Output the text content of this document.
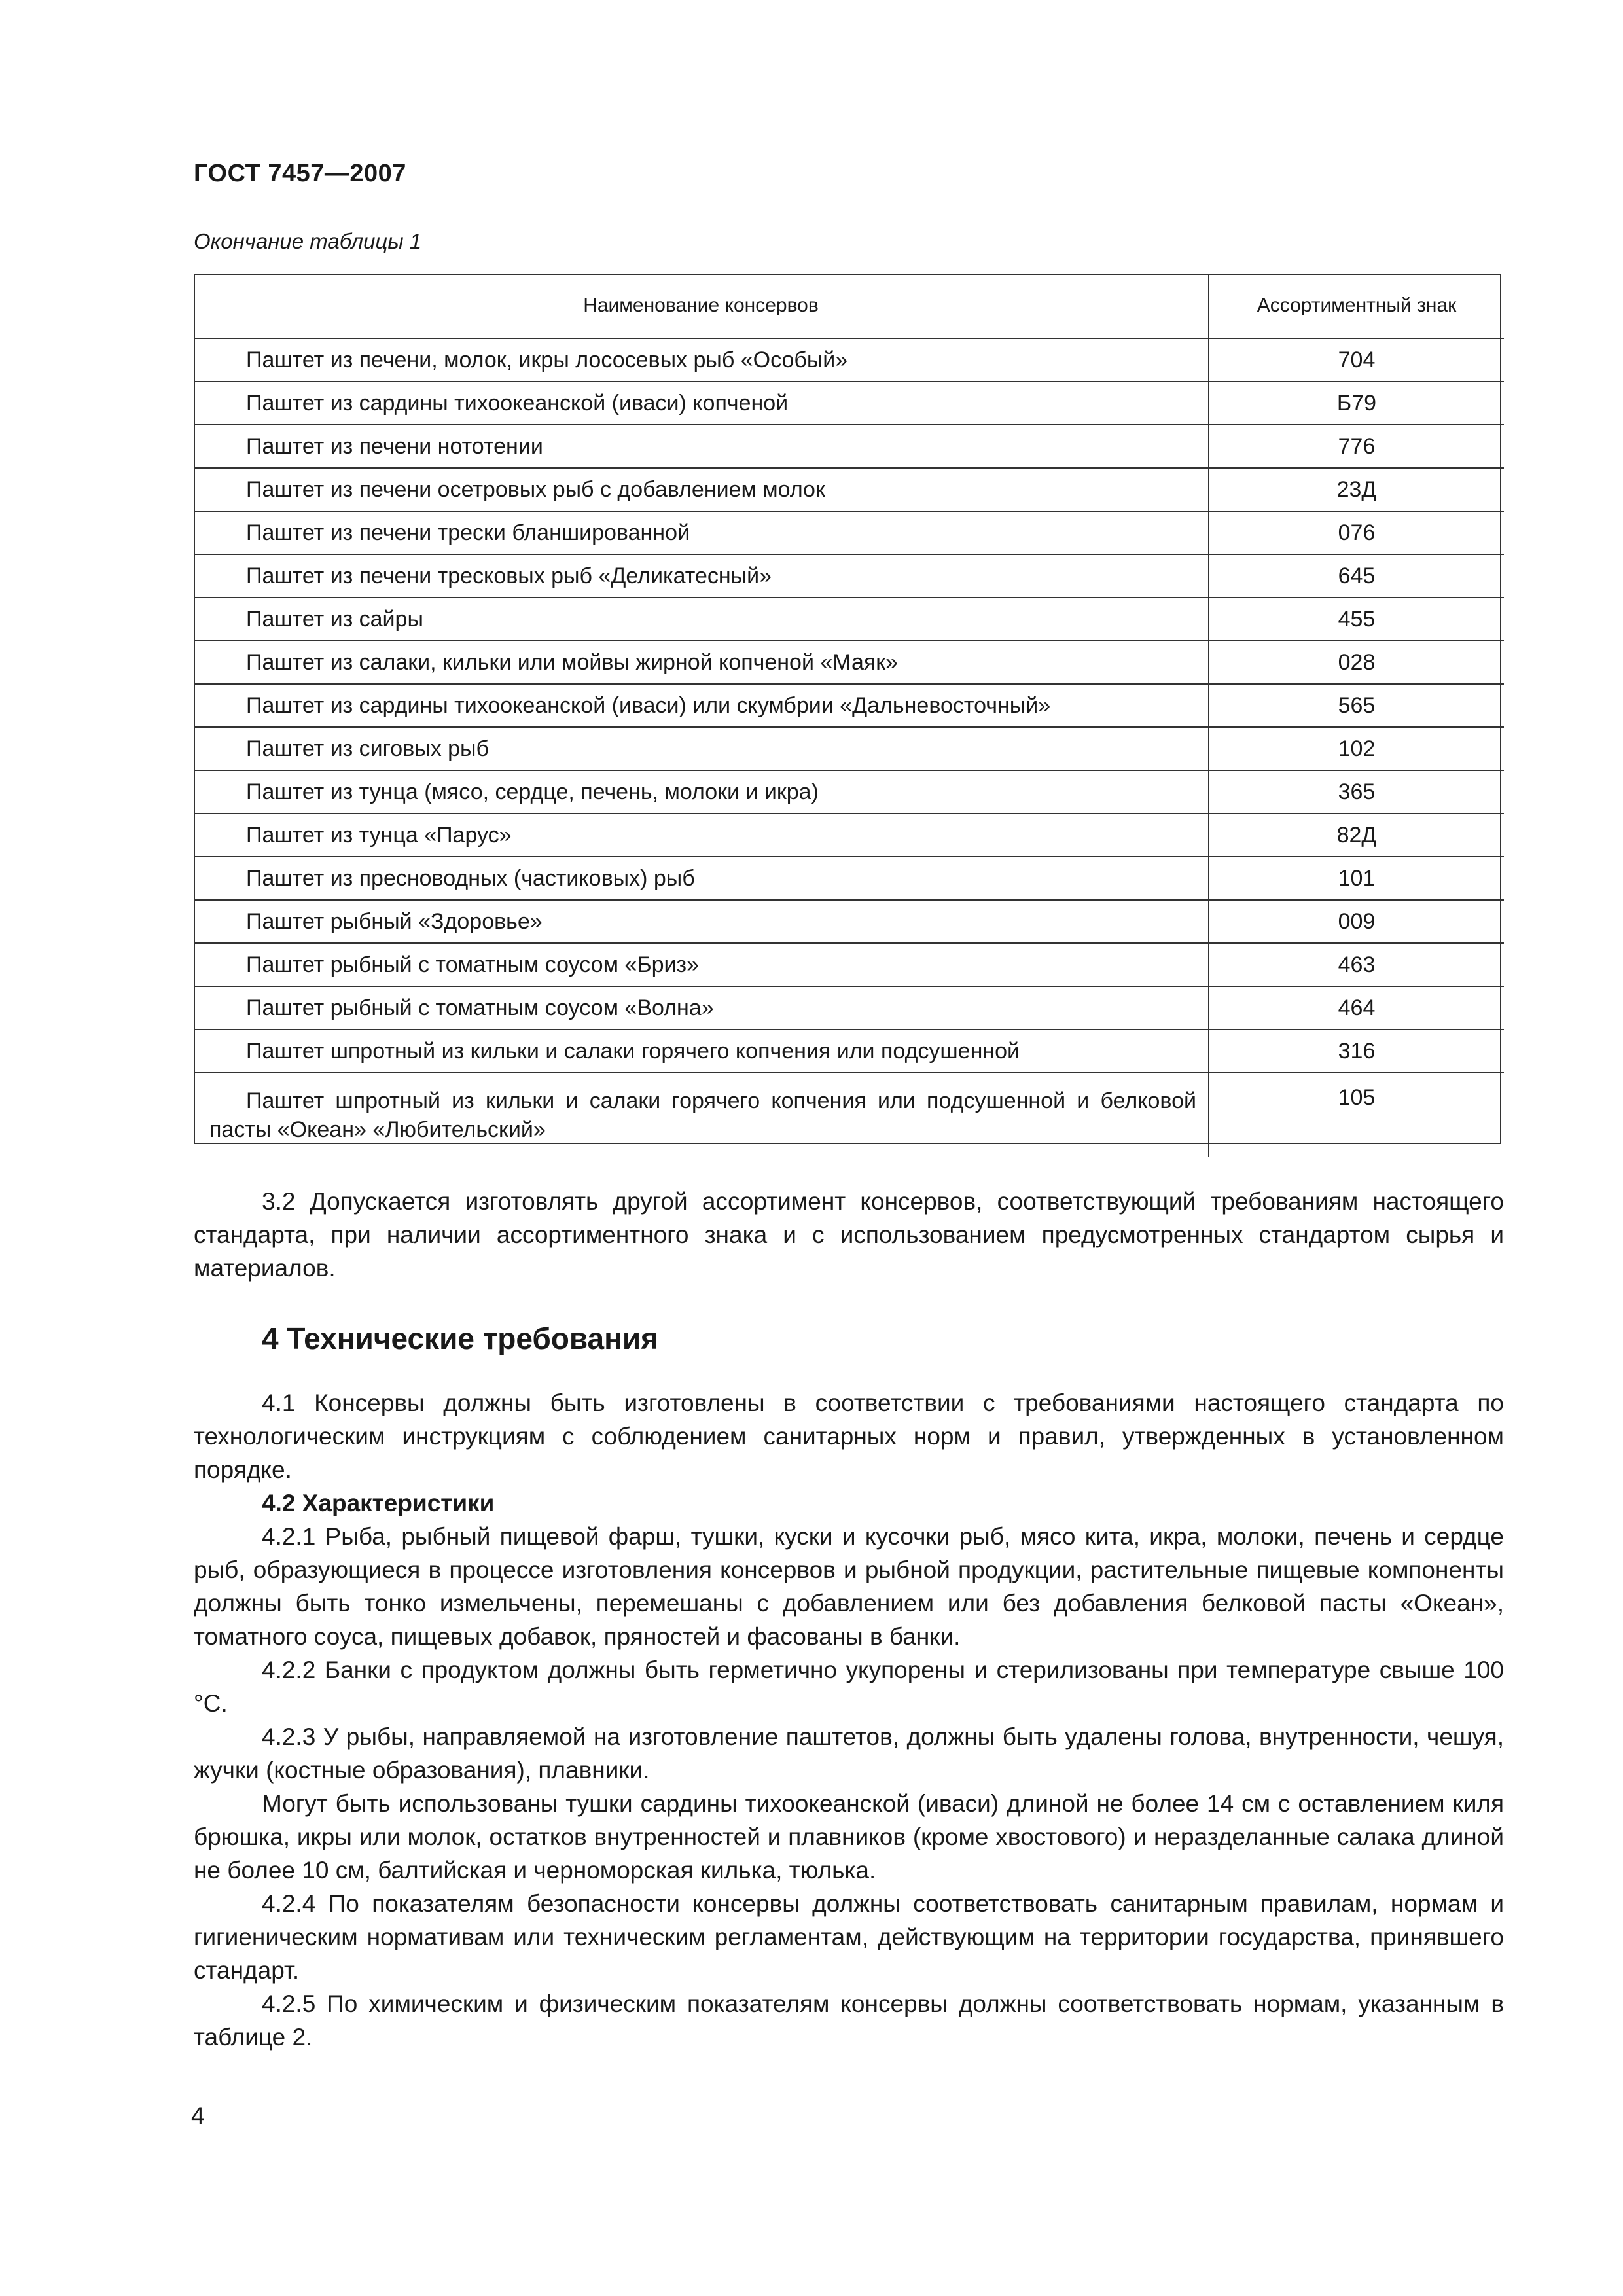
ГОСТ 7457—2007
Окончание таблицы 1
Наименование консервов	Ассортиментный знак
Паштет из печени, молок, икры лососевых рыб «Особый»	704
Паштет из сардины тихоокеанской (иваси) копченой	Б79
Паштет из печени нототении	776
Паштет из печени осетровых рыб с добавлением молок	23Д
Паштет из печени трески бланшированной	076
Паштет из печени тресковых рыб «Деликатесный»	645
Паштет из сайры	455
Паштет из салаки, кильки или мойвы жирной копченой «Маяк»	028
Паштет из сардины тихоокеанской (иваси) или скумбрии «Дальневосточный»	565
Паштет из сиговых рыб	102
Паштет из тунца (мясо, сердце, печень, молоки и икра)	365
Паштет из тунца «Парус»	82Д
Паштет из пресноводных (частиковых) рыб	101
Паштет рыбный «Здоровье»	009
Паштет рыбный с томатным соусом «Бриз»	463
Паштет рыбный с томатным соусом «Волна»	464
Паштет шпротный из кильки и салаки горячего копчения или подсушенной	316
Паштет шпротный из кильки и салаки горячего копчения или подсушенной и белковой пасты «Океан» «Любительский»	105

3.2 Допускается изготовлять другой ассортимент консервов, соответствующий требованиям настоящего стандарта, при наличии ассортиментного знака и с использованием предусмотренных стандартом сырья и материалов.

4 Технические требования

4.1 Консервы должны быть изготовлены в соответствии с требованиями настоящего стандарта по технологическим инструкциям с соблюдением санитарных норм и правил, утвержденных в установленном порядке.

4.2 Характеристики

4.2.1 Рыба, рыбный пищевой фарш, тушки, куски и кусочки рыб, мясо кита, икра, молоки, печень и сердце рыб, образующиеся в процессе изготовления консервов и рыбной продукции, растительные пищевые компоненты должны быть тонко измельчены, перемешаны с добавлением или без добавления белковой пасты «Океан», томатного соуса, пищевых добавок, пряностей и фасованы в банки.

4.2.2 Банки с продуктом должны быть герметично укупорены и стерилизованы при температуре свыше 100 °С.

4.2.3 У рыбы, направляемой на изготовление паштетов, должны быть удалены голова, внутренности, чешуя, жучки (костные образования), плавники.

Могут быть использованы тушки сардины тихоокеанской (иваси) длиной не более 14 см с оставлением киля брюшка, икры или молок, остатков внутренностей и плавников (кроме хвостового) и неразделанные салака длиной не более 10 см, балтийская и черноморская килька, тюлька.

4.2.4 По показателям безопасности консервы должны соответствовать санитарным правилам, нормам и гигиеническим нормативам или техническим регламентам, действующим на территории государства, принявшего стандарт.

4.2.5 По химическим и физическим показателям консервы должны соответствовать нормам, указанным в таблице 2.

4
